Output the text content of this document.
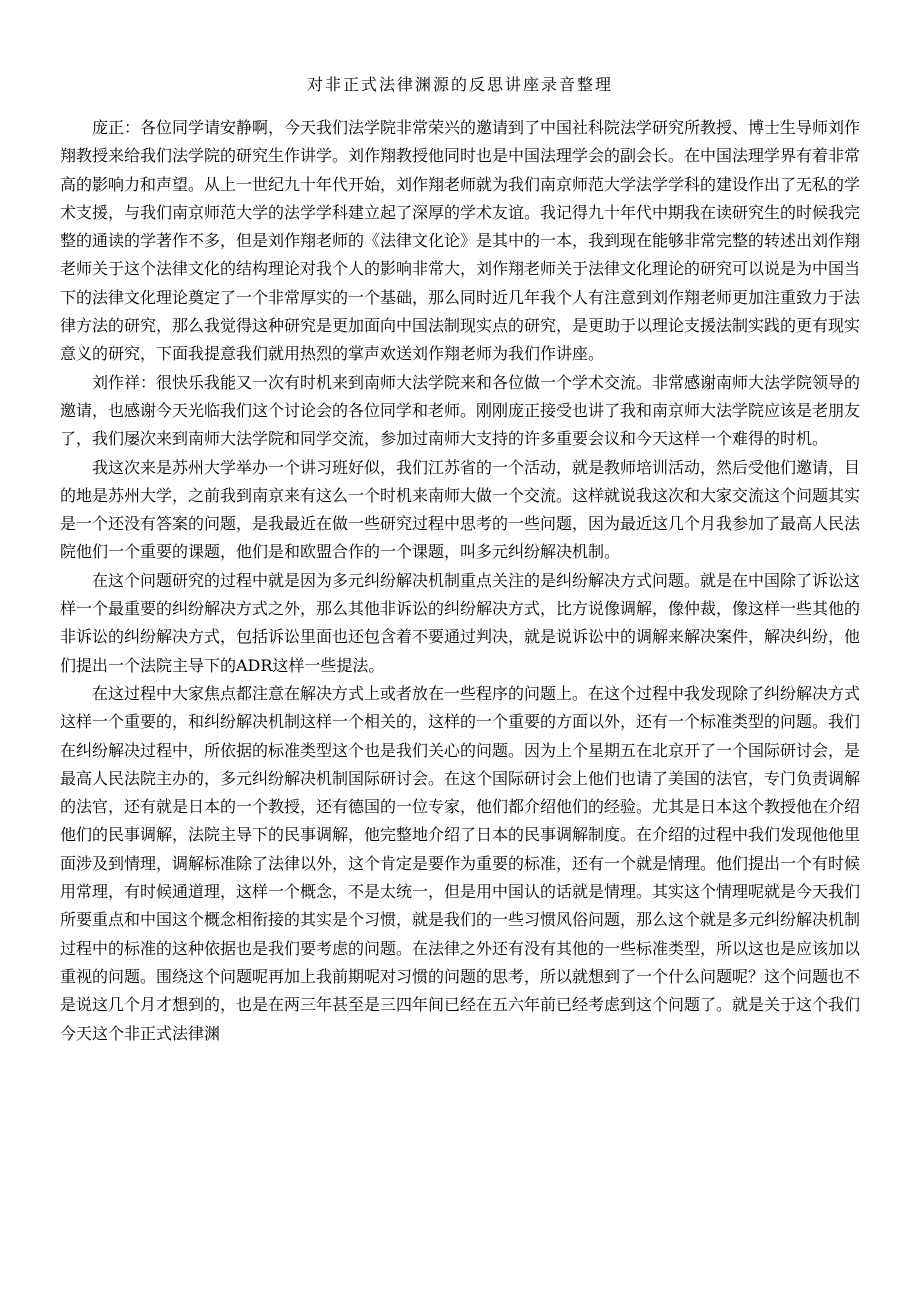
对非正式法律渊源的反思讲座录音整理

庞正：各位同学请安静啊，今天我们法学院非常荣兴的邀请到了中国社科院法学研究所教授、博士生导师刘作翔教授来给我们法学院的研究生作讲学。刘作翔教授他同时也是中国法理学会的副会长。在中国法理学界有着非常高的影响力和声望。从上一世纪九十年代开始，刘作翔老师就为我们南京师范大学法学学科的建设作出了无私的学术支援，与我们南京师范大学的法学学科建立起了深厚的学术友谊。我记得九十年代中期我在读研究生的时候我完整的通读的学著作不多，但是刘作翔老师的《法律文化论》是其中的一本，我到现在能够非常完整的转述出刘作翔老师关于这个法律文化的结构理论对我个人的影响非常大，刘作翔老师关于法律文化理论的研究可以说是为中国当下的法律文化理论奠定了一个非常厚实的一个基础，那么同时近几年我个人有注意到刘作翔老师更加注重致力于法律方法的研究，那么我觉得这种研究是更加面向中国法制现实点的研究，是更助于以理论支援法制实践的更有现实意义的研究，下面我提意我们就用热烈的掌声欢送刘作翔老师为我们作讲座。

刘作祥：很快乐我能又一次有时机来到南师大法学院来和各位做一个学术交流。非常感谢南师大法学院领导的邀请，也感谢今天光临我们这个讨论会的各位同学和老师。刚刚庞正接受也讲了我和南京师大法学院应该是老朋友了，我们屡次来到南师大法学院和同学交流，参加过南师大支持的许多重要会议和今天这样一个难得的时机。

我这次来是苏州大学举办一个讲习班好似，我们江苏省的一个活动，就是教师培训活动，然后受他们邀请，目的地是苏州大学，之前我到南京来有这么一个时机来南师大做一个交流。这样就说我这次和大家交流这个问题其实是一个还没有答案的问题，是我最近在做一些研究过程中思考的一些问题，因为最近这几个月我参加了最高人民法院他们一个重要的课题，他们是和欧盟合作的一个课题，叫多元纠纷解决机制。

在这个问题研究的过程中就是因为多元纠纷解决机制重点关注的是纠纷解决方式问题。就是在中国除了诉讼这样一个最重要的纠纷解决方式之外，那么其他非诉讼的纠纷解决方式，比方说像调解，像仲裁，像这样一些其他的非诉讼的纠纷解决方式，包括诉讼里面也还包含着不要通过判决，就是说诉讼中的调解来解决案件，解决纠纷，他们提出一个法院主导下的ADR这样一些提法。

在这过程中大家焦点都注意在解决方式上或者放在一些程序的问题上。在这个过程中我发现除了纠纷解决方式这样一个重要的，和纠纷解决机制这样一个相关的，这样的一个重要的方面以外，还有一个标准类型的问题。我们在纠纷解决过程中，所依据的标准类型这个也是我们关心的问题。因为上个星期五在北京开了一个国际研讨会，是最高人民法院主办的，多元纠纷解决机制国际研讨会。在这个国际研讨会上他们也请了美国的法官，专门负责调解的法官，还有就是日本的一个教授，还有德国的一位专家，他们都介绍他们的经验。尤其是日本这个教授他在介绍他们的民事调解，法院主导下的民事调解，他完整地介绍了日本的民事调解制度。在介绍的过程中我们发现他他里面涉及到情理，调解标准除了法律以外，这个肯定是要作为重要的标准，还有一个就是情理。他们提出一个有时候用常理，有时候通道理，这样一个概念，不是太统一，但是用中国认的话就是情理。其实这个情理呢就是今天我们所要重点和中国这个概念相衔接的其实是个习惯，就是我们的一些习惯风俗问题，那么这个就是多元纠纷解决机制过程中的标准的这种依据也是我们要考虑的问题。在法律之外还有没有其他的一些标准类型，所以这也是应该加以重视的问题。围绕这个问题呢再加上我前期呢对习惯的问题的思考，所以就想到了一个什么问题呢？这个问题也不是说这几个月才想到的，也是在两三年甚至是三四年间已经在五六年前已经考虑到这个问题了。就是关于这个我们今天这个非正式法律渊
